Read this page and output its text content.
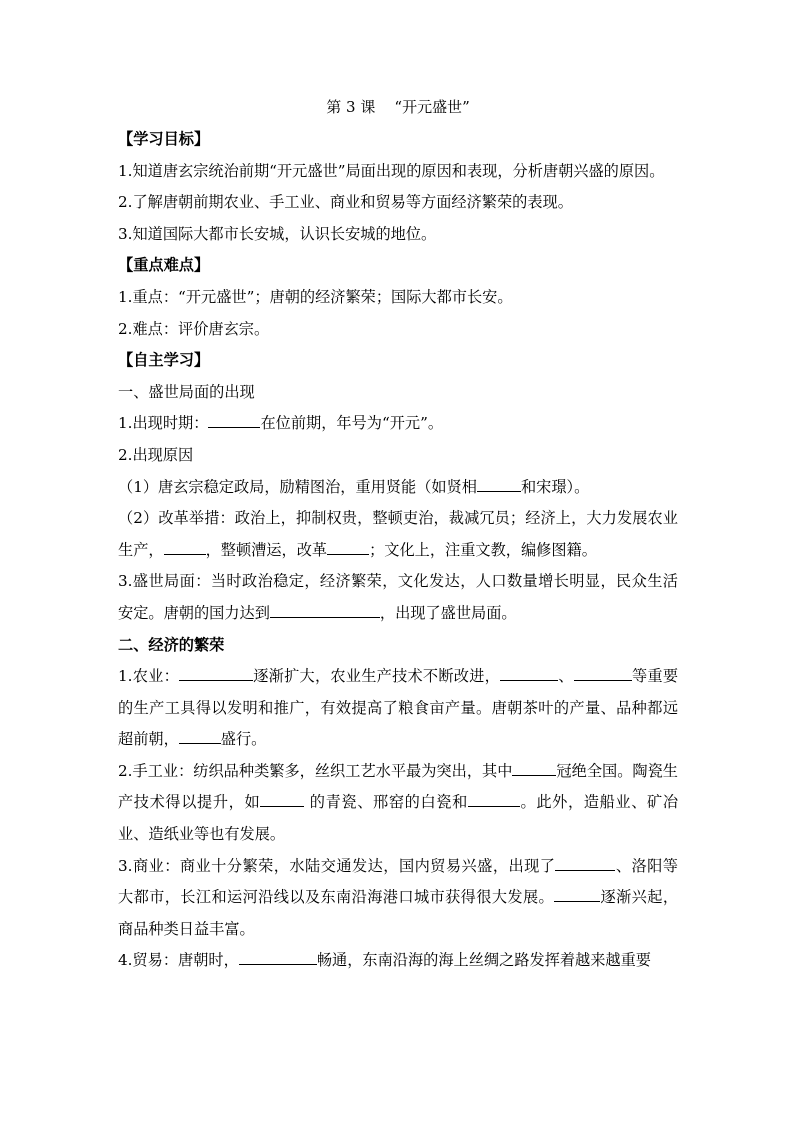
第 3 课    “开元盛世”

【学习目标】

1.知道唐玄宗统治前期“开元盛世”局面出现的原因和表现，分析唐朝兴盛的原因。

2.了解唐朝前期农业、手工业、商业和贸易等方面经济繁荣的表现。

3.知道国际大都市长安城，认识长安城的地位。

【重点难点】

1.重点：“开元盛世”；唐朝的经济繁荣；国际大都市长安。

2.难点：评价唐玄宗。

【自主学习】

一、盛世局面的出现

1.出现时期：	在位前期，年号为“开元”。

2.出现原因

（1）唐玄宗稳定政局，励精图治，重用贤能（如贤相	和宋璟）。

（2）改革举措：政治上，抑制权贵，整顿吏治，裁减冗员；经济上，大力发展农业生产，	，整顿漕运，改革	；文化上，注重文教，编修图籍。

3.盛世局面：当时政治稳定，经济繁荣，文化发达，人口数量增长明显，民众生活安定。唐朝的国力达到	，出现了盛世局面。

二、经济的繁荣

1.农业：	逐渐扩大，农业生产技术不断改进，	、	等重要的生产工具得以发明和推广，有效提高了粮食亩产量。唐朝茶叶的产量、品种都远超前朝，	盛行。

2.手工业：纺织品种类繁多，丝织工艺水平最为突出，其中	冠绝全国。陶瓷生产技术得以提升，如	的青瓷、邢窑的白瓷和	。此外，造船业、矿冶业、造纸业等也有发展。

3.商业：商业十分繁荣，水陆交通发达，国内贸易兴盛，出现了	、洛阳等大都市，长江和运河沿线以及东南沿海港口城市获得很大发展。	逐渐兴起，商品种类日益丰富。

4.贸易：唐朝时，	畅通，东南沿海的海上丝绸之路发挥着越来越重要
